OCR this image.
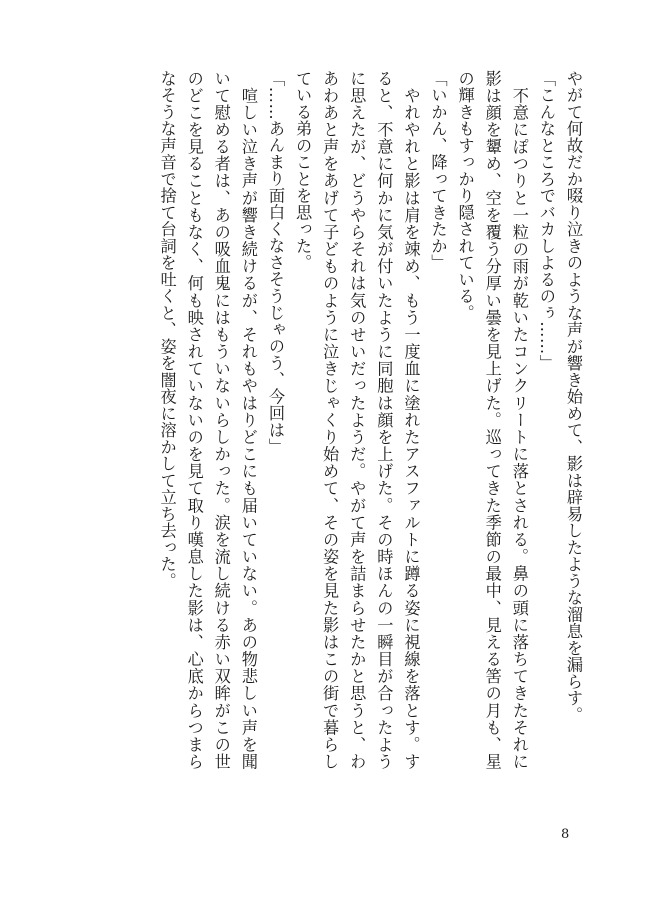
やがて何故だか啜り泣きのような声が響き始めて、影は辟易したような溜息を漏らす。

「こんなところでバカしよるのぅ……」

　不意にぽつりと一粒の雨が乾いたコンクリートに落とされる。鼻の頭に落ちてきたそれに影は顔を顰め、空を覆う分厚い曇を見上げた。巡ってきた季節の最中、見える筈の月も、星の輝きもすっかり隠されている。

「いかん、降ってきたか」

　やれやれと影は肩を竦め、もう一度血に塗れたアスファルトに蹲る姿に視線を落とす。すると、不意に何かに気が付いたように同胞は顔を上げた。その時ほんの一瞬目が合ったように思えたが、どうやらそれは気のせいだったようだ。やがて声を詰まらせたかと思うと、わあわあと声をあげて子どものように泣きじゃくり始めて、その姿を見た影はこの街で暮らしている弟のことを思った。

「……あんまり面白くなさそうじゃのう、今回は」

　喧しい泣き声が響き続けるが、それもやはりどこにも届いていない。あの物悲しい声を聞いて慰める者は、あの吸血鬼にはもういないらしかった。涙を流し続ける赤い双眸がこの世のどこを見ることもなく、何も映されていないのを見て取り嘆息した影は、心底からつまらなそうな声音で捨て台詞を吐くと、姿を闇夜に溶かして立ち去った。

8
